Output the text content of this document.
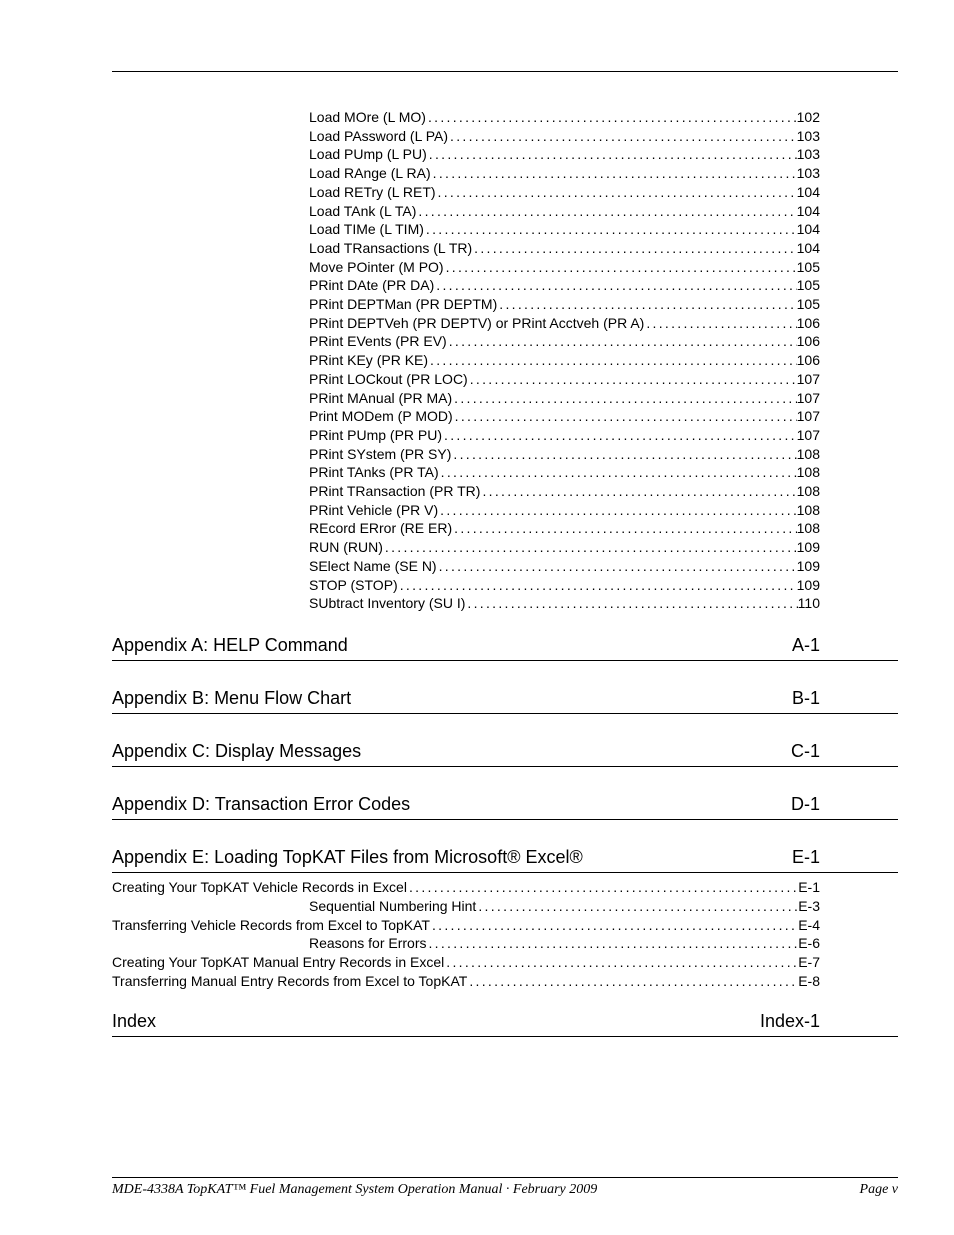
Load MOre (L MO) .....	102
Load PAssword (L PA) .....	103
Load PUmp (L PU) .....	103
Load RAnge (L RA) .....	103
Load RETry (L RET) .....	104
Load TAnk (L TA) .....	104
Load TIMe (L TIM) .....	104
Load TRansactions (L TR) .....	104
Move POinter (M PO) .....	105
PRint DAte (PR DA) .....	105
PRint DEPTMan (PR DEPTM) .....	105
PRint DEPTVeh (PR DEPTV) or PRint Acctveh (PR A) .....	106
PRint EVents (PR EV) .....	106
PRint KEy (PR KE) .....	106
PRint LOCkout (PR LOC) .....	107
PRint MAnual (PR MA) .....	107
Print MODem (P MOD) .....	107
PRint PUmp (PR PU) .....	107
PRint SYstem (PR SY) .....	108
PRint TAnks (PR TA) .....	108
PRint TRansaction (PR TR) .....	108
PRint Vehicle (PR V) .....	108
REcord ERror (RE ER) .....	108
RUN (RUN) .....	109
SElect Name (SE N) .....	109
STOP (STOP) .....	109
SUbtract Inventory (SU I) .....	110
Appendix A: HELP Command	A-1
Appendix B: Menu Flow Chart	B-1
Appendix C: Display Messages	C-1
Appendix D: Transaction Error Codes	D-1
Appendix E: Loading TopKAT Files from Microsoft® Excel®	E-1
Creating Your TopKAT Vehicle Records in Excel .....	E-1
Sequential Numbering Hint .....	E-3
Transferring Vehicle Records from Excel to TopKAT .....	E-4
Reasons for Errors .....	E-6
Creating Your TopKAT Manual Entry Records in Excel .....	E-7
Transferring Manual Entry Records from Excel to TopKAT .....	E-8
Index	Index-1
MDE-4338A TopKAT™ Fuel Management System Operation Manual · February 2009	Page v
